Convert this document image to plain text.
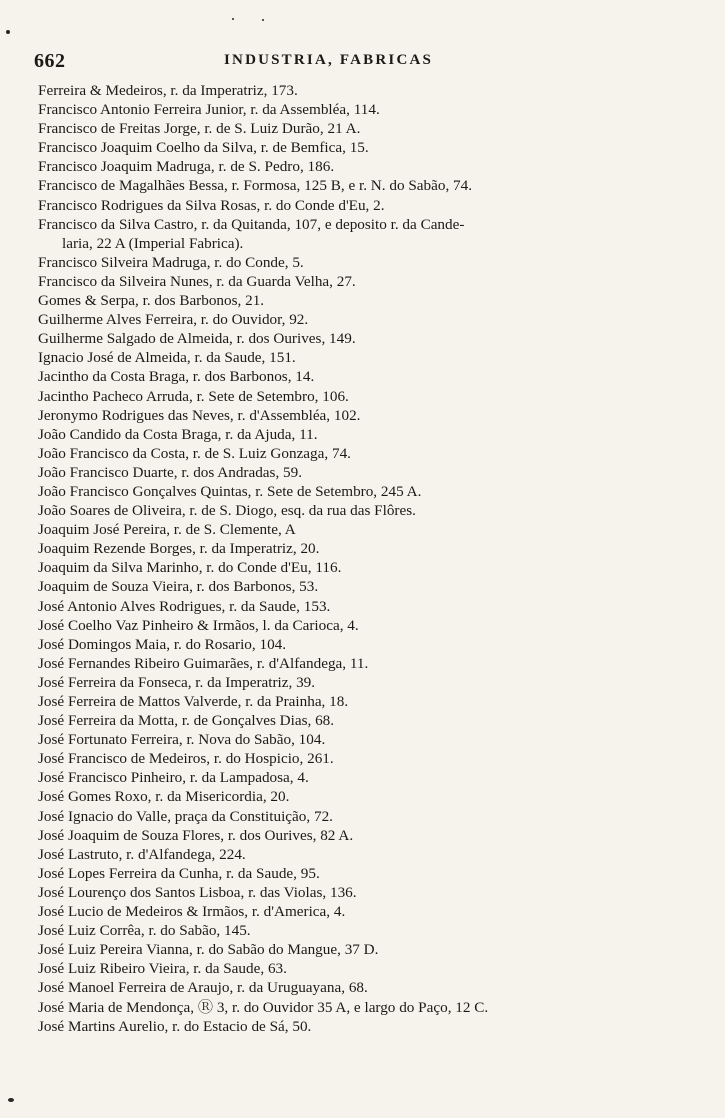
662	INDUSTRIA, FABRICAS
Ferreira & Medeiros, r. da Imperatriz, 173.
Francisco Antonio Ferreira Junior, r. da Assembléa, 114.
Francisco de Freitas Jorge, r. de S. Luiz Durão, 21 A.
Francisco Joaquim Coelho da Silva, r. de Bemfica, 15.
Francisco Joaquim Madruga, r. de S. Pedro, 186.
Francisco de Magalhães Bessa, r. Formosa, 125 B, e r. N. do Sabão, 74.
Francisco Rodrigues da Silva Rosas, r. do Conde d'Eu, 2.
Francisco da Silva Castro, r. da Quitanda, 107, e deposito r. da Cande-
laria, 22 A (Imperial Fabrica).
Francisco Silveira Madruga, r. do Conde, 5.
Francisco da Silveira Nunes, r. da Guarda Velha, 27.
Gomes & Serpa, r. dos Barbonos, 21.
Guilherme Alves Ferreira, r. do Ouvidor, 92.
Guilherme Salgado de Almeida, r. dos Ourives, 149.
Ignacio José de Almeida, r. da Saude, 151.
Jacintho da Costa Braga, r. dos Barbonos, 14.
Jacintho Pacheco Arruda, r. Sete de Setembro, 106.
Jeronymo Rodrigues das Neves, r. d'Assembléa, 102.
João Candido da Costa Braga, r. da Ajuda, 11.
João Francisco da Costa, r. de S. Luiz Gonzaga, 74.
João Francisco Duarte, r. dos Andradas, 59.
João Francisco Gonçalves Quintas, r. Sete de Setembro, 245 A.
João Soares de Oliveira, r. de S. Diogo, esq. da rua das Flôres.
Joaquim José Pereira, r. de S. Clemente, A
Joaquim Rezende Borges, r. da Imperatriz, 20.
Joaquim da Silva Marinho, r. do Conde d'Eu, 116.
Joaquim de Souza Vieira, r. dos Barbonos, 53.
José Antonio Alves Rodrigues, r. da Saude, 153.
José Coelho Vaz Pinheiro & Irmãos, l. da Carioca, 4.
José Domingos Maia, r. do Rosario, 104.
José Fernandes Ribeiro Guimarães, r. d'Alfandega, 11.
José Ferreira da Fonseca, r. da Imperatriz, 39.
José Ferreira de Mattos Valverde, r. da Prainha, 18.
José Ferreira da Motta, r. de Gonçalves Dias, 68.
José Fortunato Ferreira, r. Nova do Sabão, 104.
José Francisco de Medeiros, r. do Hospicio, 261.
José Francisco Pinheiro, r. da Lampadosa, 4.
José Gomes Roxo, r. da Misericordia, 20.
José Ignacio do Valle, praça da Constituição, 72.
José Joaquim de Souza Flores, r. dos Ourives, 82 A.
José Lastruto, r. d'Alfandega, 224.
José Lopes Ferreira da Cunha, r. da Saude, 95.
José Lourenço dos Santos Lisboa, r. das Violas, 136.
José Lucio de Medeiros & Irmãos, r. d'America, 4.
José Luiz Corrêa, r. do Sabão, 145.
José Luiz Pereira Vianna, r. do Sabão do Mangue, 37 D.
José Luiz Ribeiro Vieira, r. da Saude, 63.
José Manoel Ferreira de Araujo, r. da Uruguayana, 68.
José Maria de Mendonça, Ⓡ 3, r. do Ouvidor 35 A, e largo do Paço, 12 C.
José Martins Aurelio, r. do Estacio de Sá, 50.
